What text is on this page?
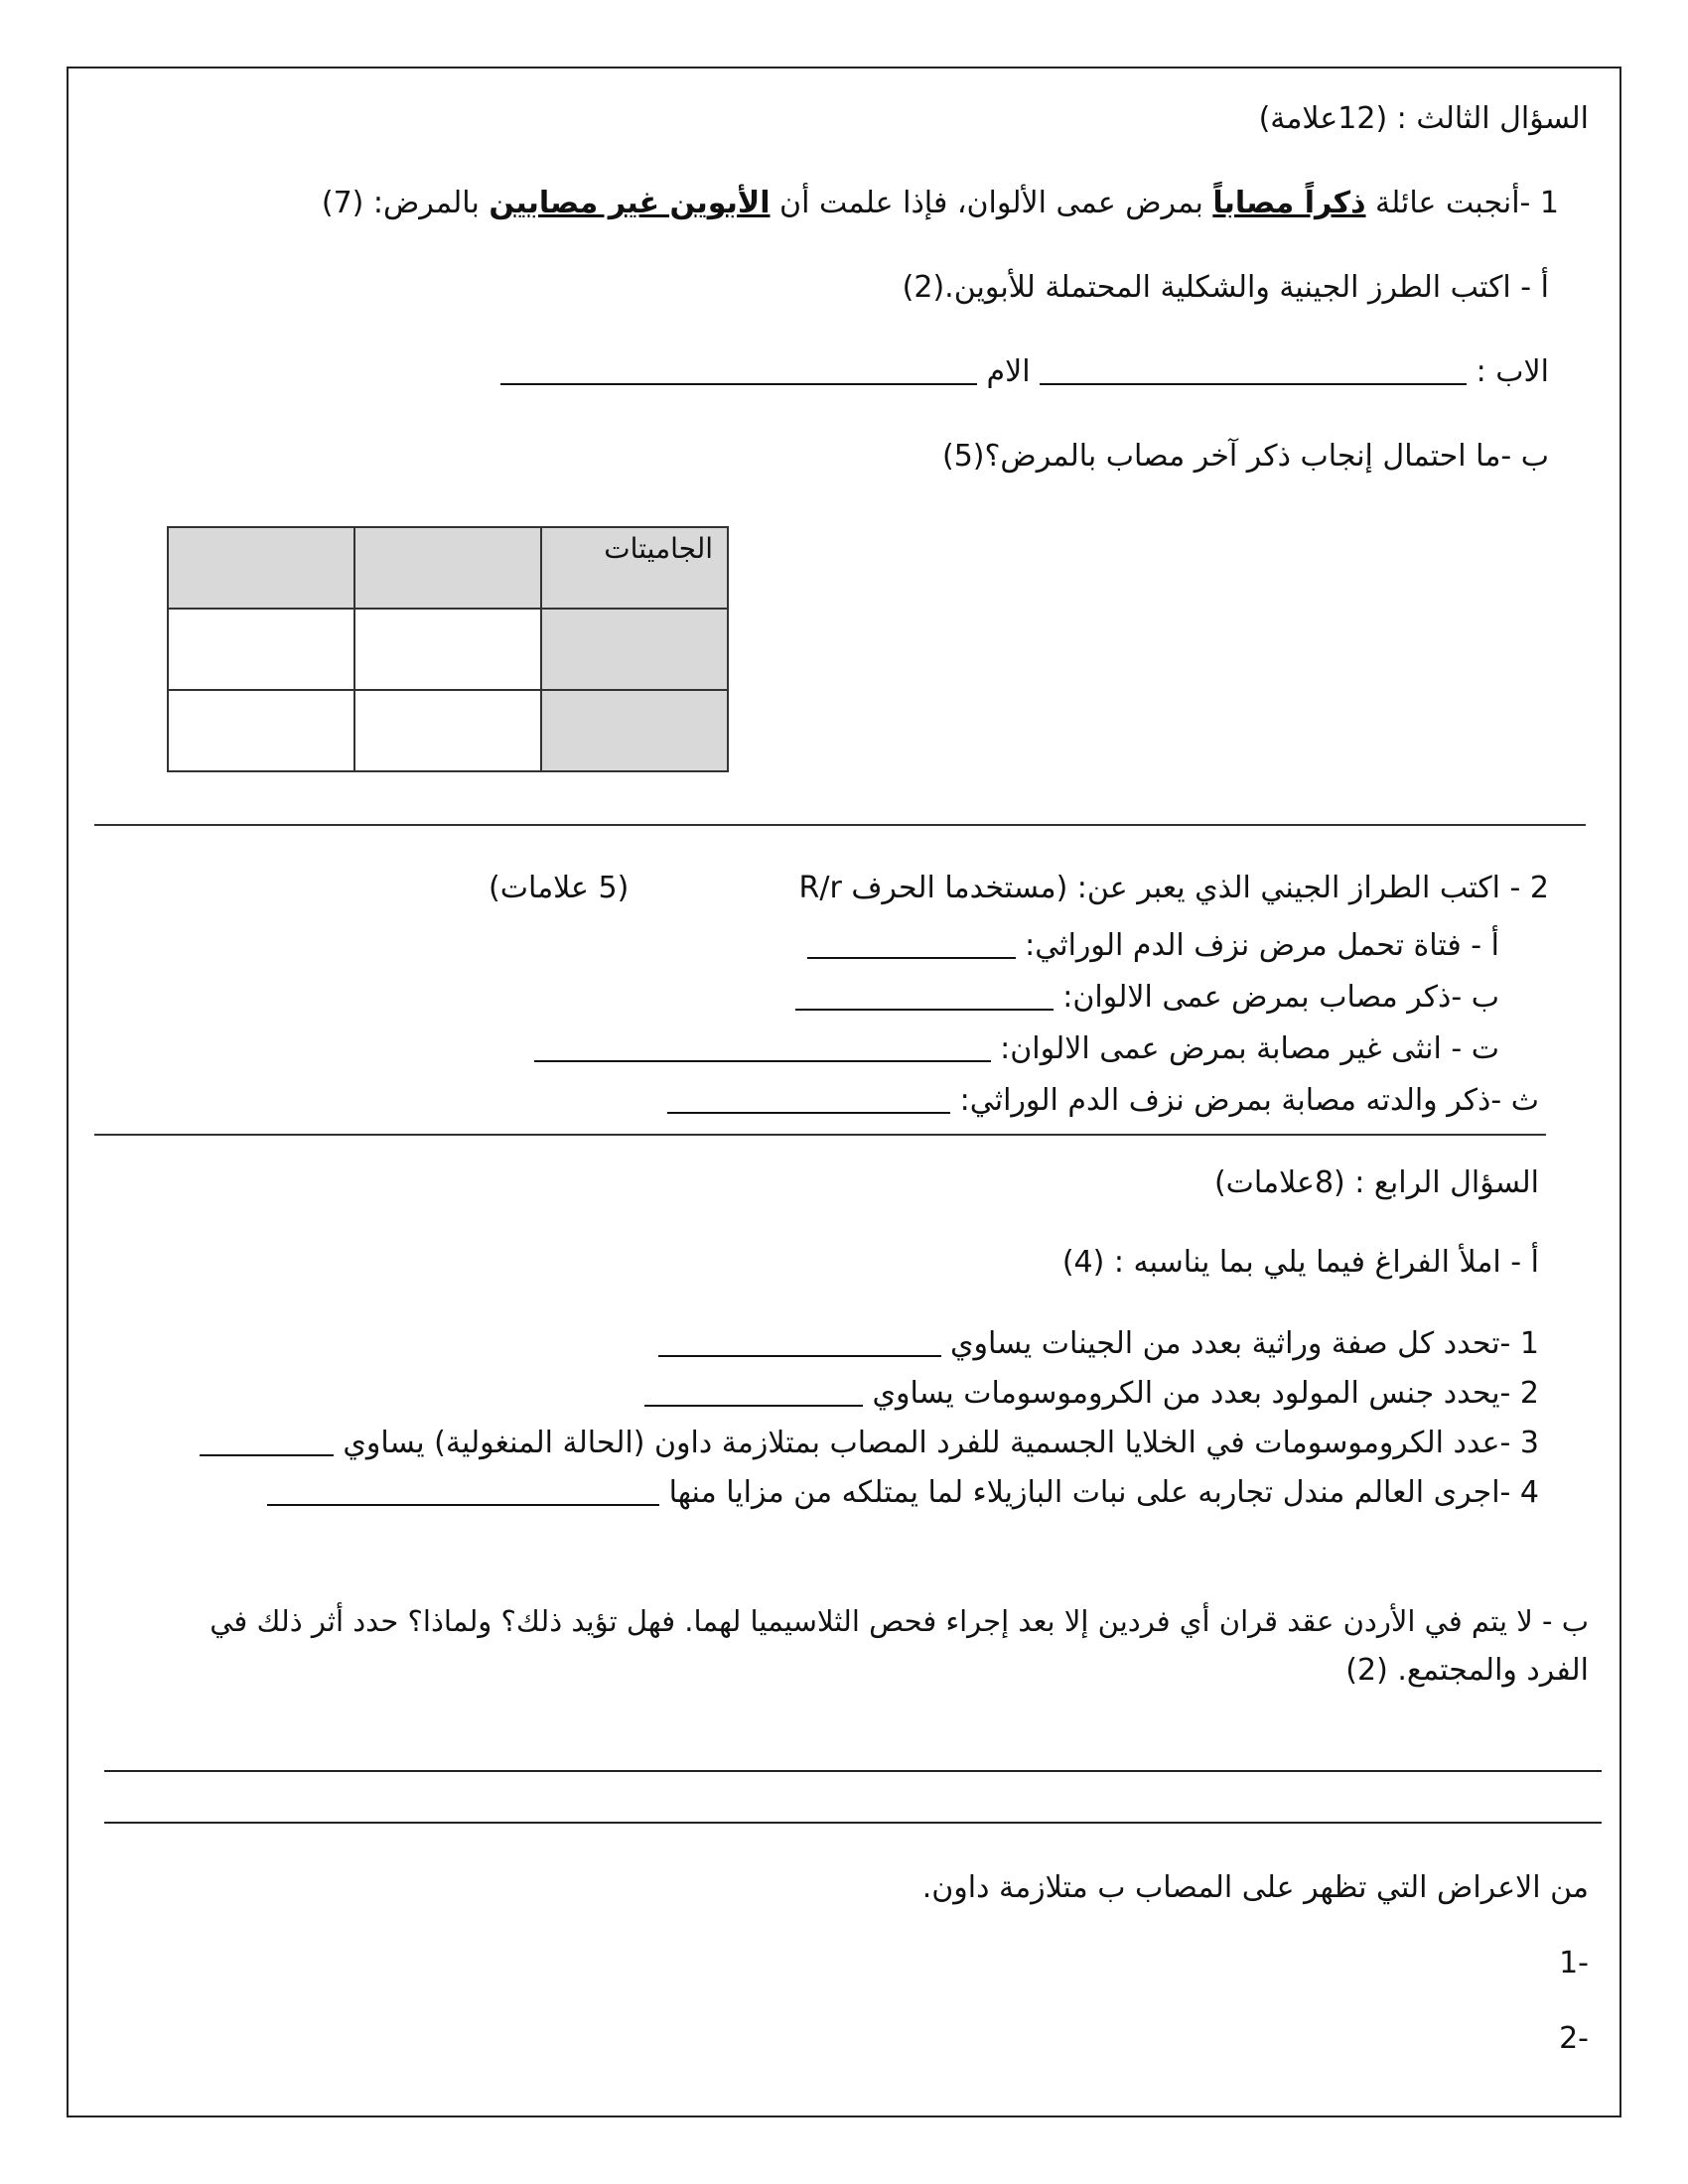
السؤال الثالث : (12علامة)
1 -أنجبت عائلة ذكراً مصاباً بمرض عمى الألوان، فإذا علمت أن الأبوين غير مصابين بالمرض: (7)
أ - اكتب الطرز الجينية والشكلية المحتملة للأبوين.(2)
الاب :  الام
ب -ما احتمال إنجاب ذكر آخر مصاب بالمرض؟(5)
الجاميتات		

2 - اكتب الطراز الجيني الذي يعبر عن: (مستخدما الحرف R/r
(5 علامات)
أ - فتاة تحمل مرض نزف الدم الوراثي:
ب -ذكر مصاب بمرض عمى الالوان:
ت - انثى غير مصابة بمرض عمى الالوان:
ث -ذكر والدته مصابة بمرض نزف الدم الوراثي:
السؤال الرابع : (8علامات)
أ - املأ الفراغ فيما يلي بما يناسبه : (4)
1 -تحدد كل صفة وراثية بعدد من الجينات يساوي
2 -يحدد جنس المولود بعدد من الكروموسومات يساوي
3 -عدد الكروموسومات في الخلايا الجسمية للفرد المصاب بمتلازمة داون (الحالة المنغولية) يساوي
4 -اجرى العالم مندل تجاربه على نبات البازيلاء لما يمتلكه من مزايا منها
ب - لا يتم في الأردن عقد قران أي فردين إلا بعد إجراء فحص الثلاسيميا لهما. فهل تؤيد ذلك؟ ولماذا؟ حدد أثر ذلك في
الفرد والمجتمع. (2)
من الاعراض التي تظهر على المصاب ب متلازمة داون.
-1
-2
